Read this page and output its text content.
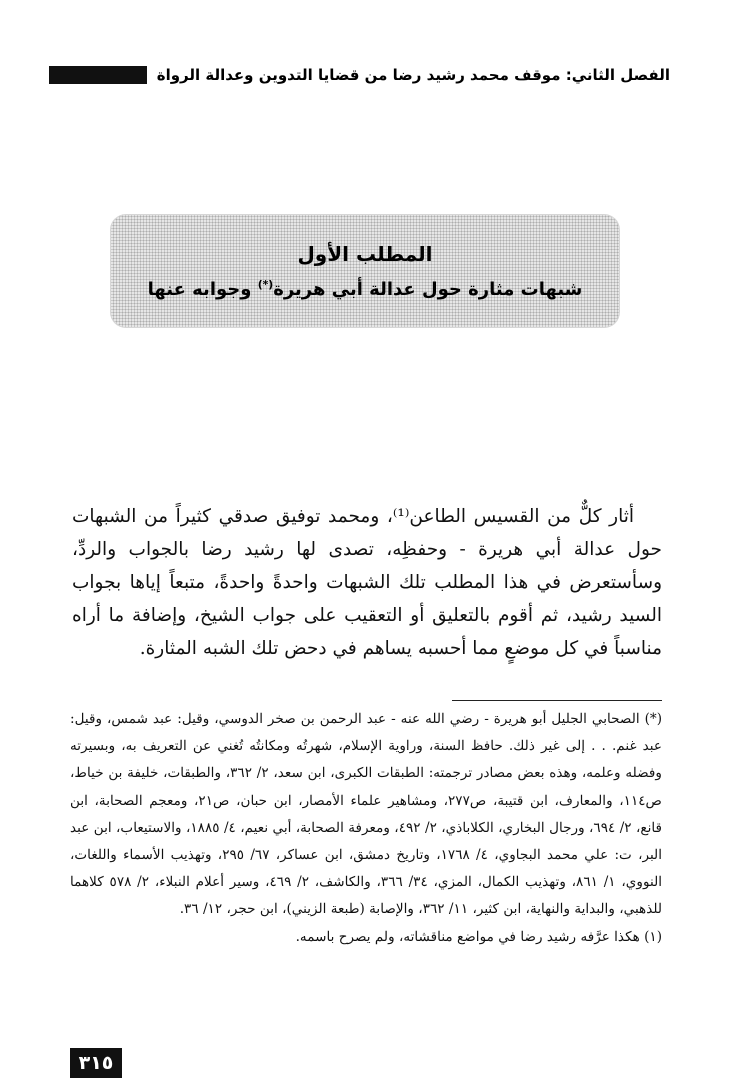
الفصل الثاني: موقف محمد رشيد رضا من قضايا التدوين وعدالة الرواة
المطلب الأول
شبهات مثارة حول عدالة أبي هريرة(*) وجوابه عنها

أثار كلٌّ من القسيس الطاعن⁽¹⁾، ومحمد توفيق صدقي كثيراً من الشبهات حول عدالة أبي هريرة - وحفظِه، تصدى لها رشيد رضا بالجواب والردِّ، وسأستعرض في هذا المطلب تلك الشبهات واحدةً واحدةً، متبعاً إياها بجواب السيد رشيد، ثم أقوم بالتعليق أو التعقيب على جواب الشيخ، وإضافة ما أراه مناسباً في كل موضعٍ مما أحسبه يساهم في دحض تلك الشبه المثارة.

(*) الصحابي الجليل أبو هريرة - رضي الله عنه - عبد الرحمن بن صخر الدوسي، وقيل: عبد شمس، وقيل: عبد غنم. . . إلى غير ذلك. حافظ السنة، وراوية الإسلام، شهرتُه ومكانتُه تُغني عن التعريف به، وبسيرته وفضله وعلمه، وهذه بعض مصادر ترجمته: الطبقات الكبرى، ابن سعد، ٢/ ٣٦٢، والطبقات، خليفة بن خياط، ص١١٤، والمعارف، ابن قتيبة، ص٢٧٧، ومشاهير علماء الأمصار، ابن حبان، ص٢١، ومعجم الصحابة، ابن قانع، ٢/ ٦٩٤، ورجال البخاري، الكلاباذي، ٢/ ٤٩٢، ومعرفة الصحابة، أبي نعيم، ٤/ ١٨٨٥، والاستيعاب، ابن عبد البر، ت: علي محمد البجاوي، ٤/ ١٧٦٨، وتاريخ دمشق، ابن عساكر، ٦٧/ ٢٩٥، وتهذيب الأسماء واللغات، النووي، ١/ ٨٦١، وتهذيب الكمال، المزي، ٣٤/ ٣٦٦، والكاشف، ٢/ ٤٦٩، وسير أعلام النبلاء، ٢/ ٥٧٨ كلاهما للذهبي، والبداية والنهاية، ابن كثير، ١١/ ٣٦٢، والإصابة (طبعة الزيني)، ابن حجر، ١٢/ ٣٦.

(١) هكذا عرَّفه رشيد رضا في مواضع مناقشاته، ولم يصرح باسمه.

٣١٥
